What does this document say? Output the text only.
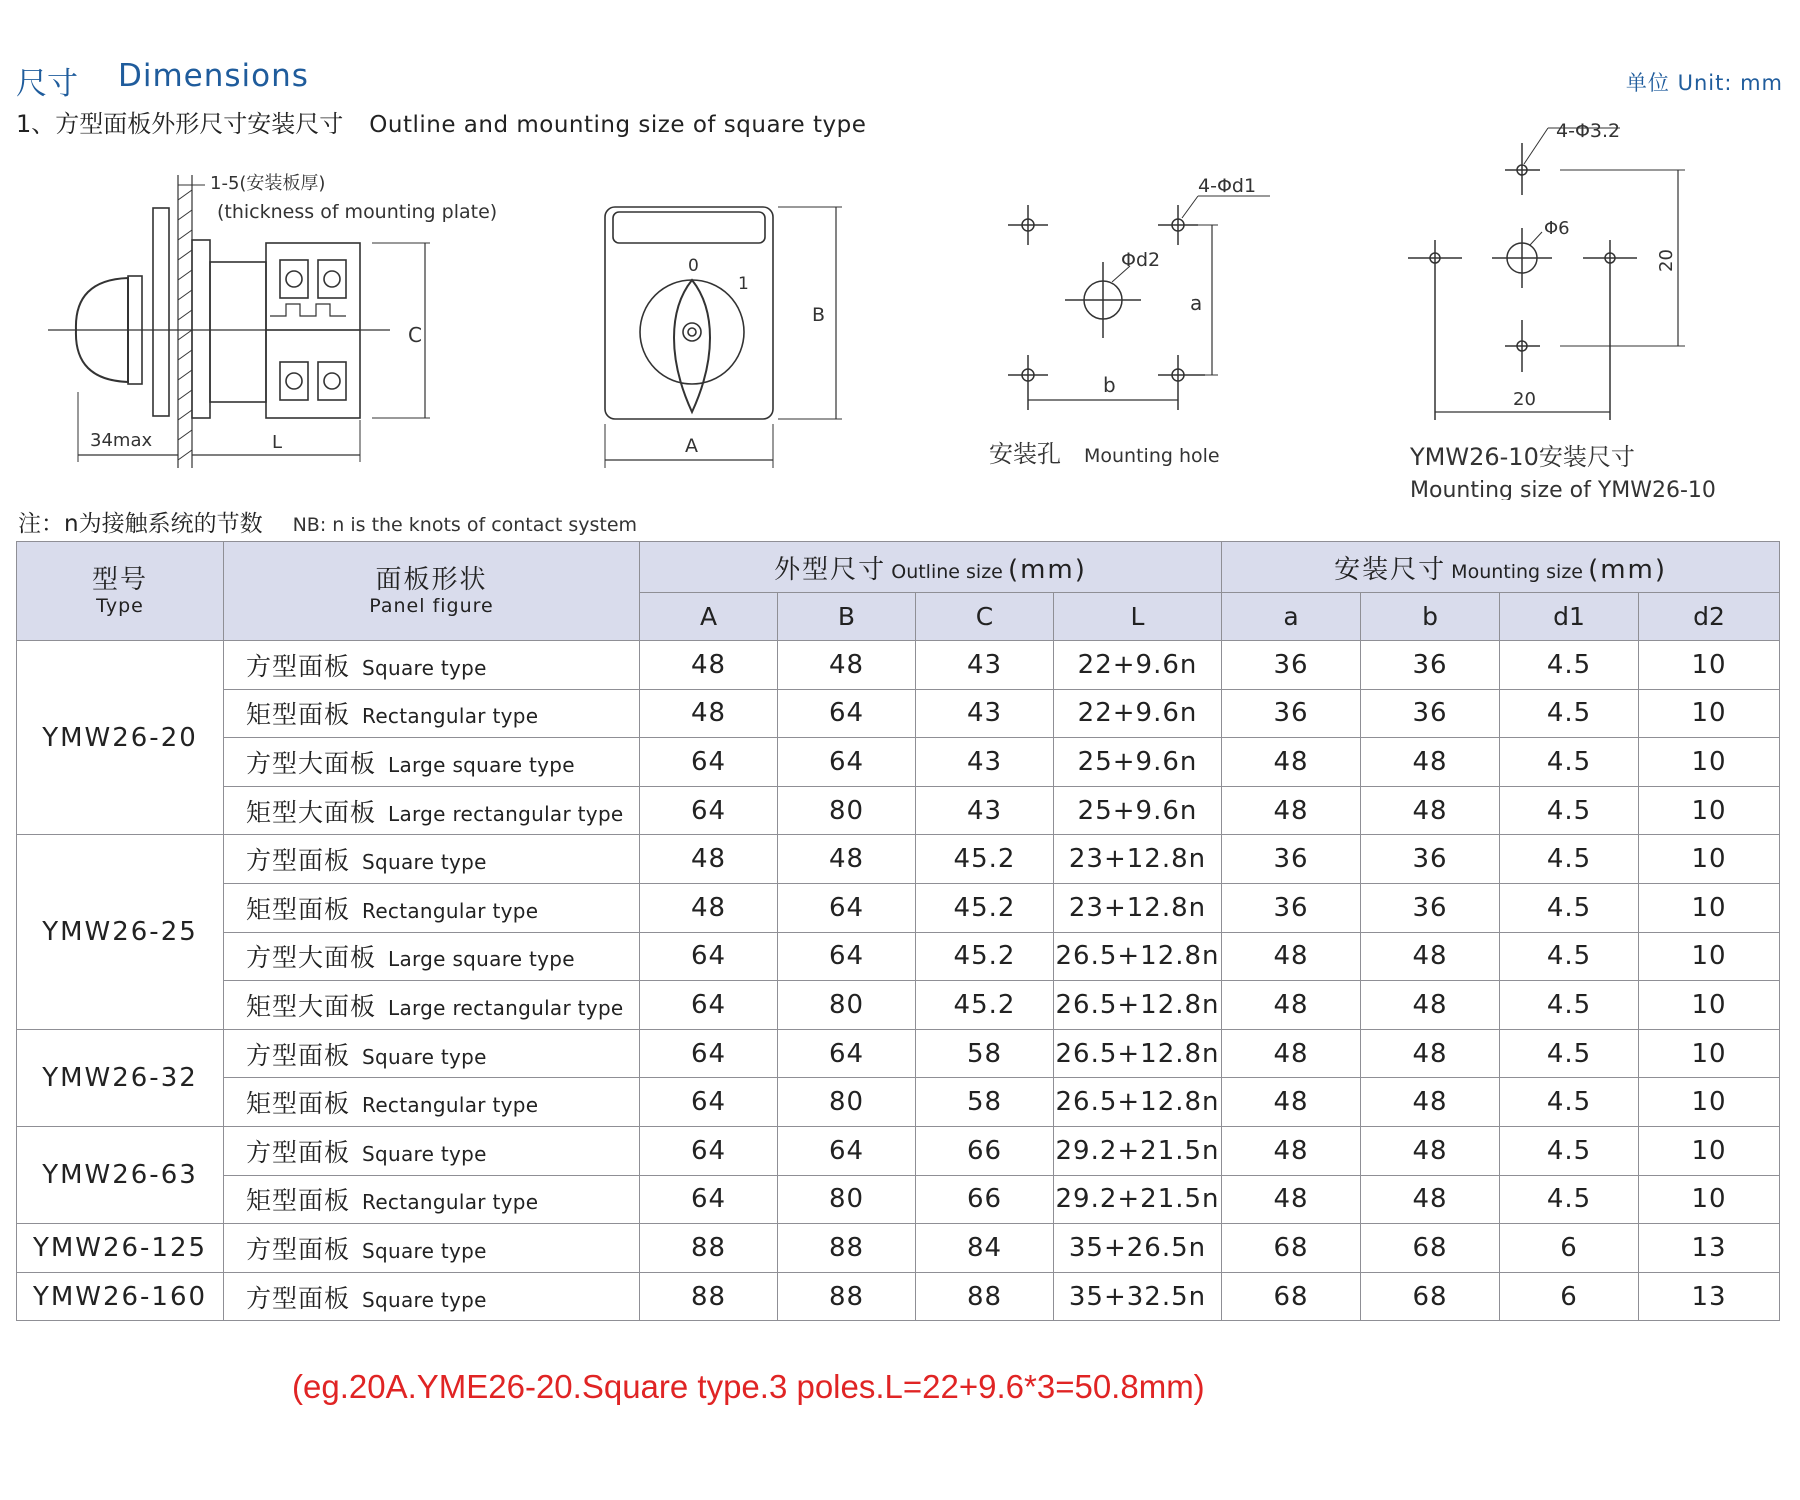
尺寸 Dimensions	单位 Unit: mm
1、方型面板外形尺寸安装尺寸 Outline and mounting size of square type
1-5(安装板厚)
(thickness of mounting plate)
34max	L
C
0
1
A
B
4-Φd1
Φd2
a
b
安装孔 Mounting hole
4-Φ3.2
Φ6
20
20
YMW26-10安装尺寸
Mounting size of YMW26-10
注：n为接触系统的节数 NB: n is the knots of contact system
型号
Type	面板形状
Panel figure	外型尺寸 Outline size (mm)				安装尺寸 Mounting size (mm)			
		A	B	C	L	a	b	d1	d2
YMW26-20	方型面板 Square type	48	48	43	22+9.6n	36	36	4.5	10
	矩型面板 Rectangular type	48	64	43	22+9.6n	36	36	4.5	10
	方型大面板 Large square type	64	64	43	25+9.6n	48	48	4.5	10
	矩型大面板 Large rectangular type	64	80	43	25+9.6n	48	48	4.5	10
YMW26-25	方型面板 Square type	48	48	45.2	23+12.8n	36	36	4.5	10
	矩型面板 Rectangular type	48	64	45.2	23+12.8n	36	36	4.5	10
	方型大面板 Large square type	64	64	45.2	26.5+12.8n	48	48	4.5	10
	矩型大面板 Large rectangular type	64	80	45.2	26.5+12.8n	48	48	4.5	10
YMW26-32	方型面板 Square type	64	64	58	26.5+12.8n	48	48	4.5	10
	矩型面板 Rectangular type	64	80	58	26.5+12.8n	48	48	4.5	10
YMW26-63	方型面板 Square type	64	64	66	29.2+21.5n	48	48	4.5	10
	矩型面板 Rectangular type	64	80	66	29.2+21.5n	48	48	4.5	10
YMW26-125	方型面板 Square type	88	88	84	35+26.5n	68	68	6	13
YMW26-160	方型面板 Square type	88	88	88	35+32.5n	68	68	6	13
(eg.20A.YME26-20.Square type.3 poles.L=22+9.6*3=50.8mm)
